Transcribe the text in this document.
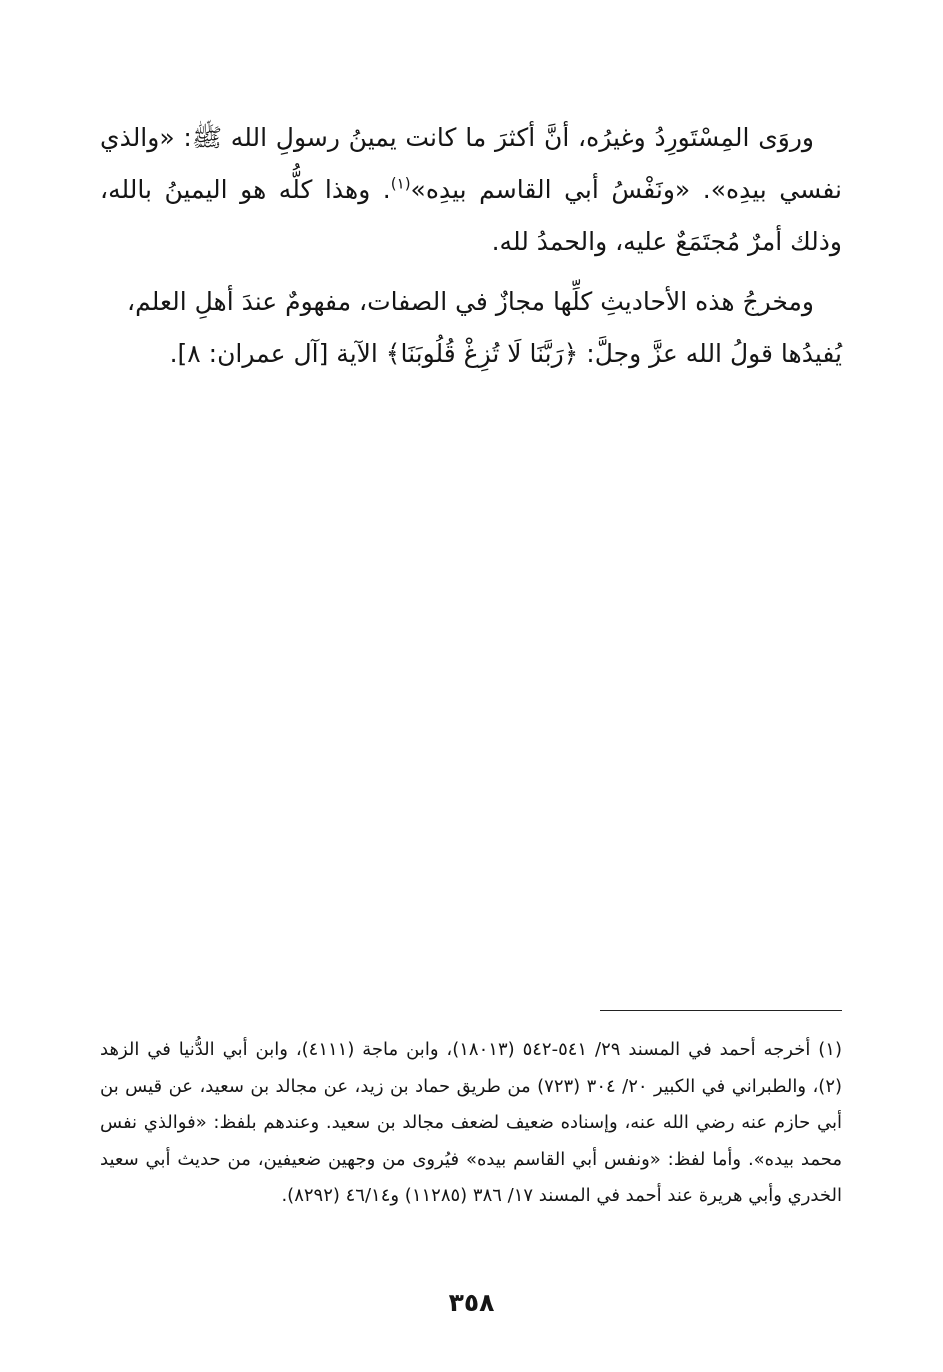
وروَى المِسْتَورِدُ وغيرُه، أنَّ أكثرَ ما كانت يمينُ رسولِ الله ﷺ: «والذي نفسي بيدِه». «ونَفْسُ أبي القاسم بيدِه»$^{(١)}$. وهذا كلُّه هو اليمينُ بالله، وذلك أمرٌ مُجتَمَعٌ عليه، والحمدُ لله.

ومخرجُ هذه الأحاديثِ كلِّها مجازٌ في الصفات، مفهومٌ عندَ أهلِ العلم، يُفيدُها قولُ الله عزَّ وجلَّ: ﴿رَبَّنَا لَا تُزِغْ قُلُوبَنَا﴾ الآية [آل عمران: ٨].

(١) أخرجه أحمد في المسند ٢٩/ ٥٤١-٥٤٢ (١٨٠١٣)، وابن ماجة (٤١١١)، وابن أبي الدُّنيا في الزهد (٢)، والطبراني في الكبير ٢٠/ ٣٠٤ (٧٢٣) من طريق حماد بن زيد، عن مجالد بن سعيد، عن قيس بن أبي حازم عنه رضي الله عنه، وإسناده ضعيف لضعف مجالد بن سعيد. وعندهم بلفظ: «فوالذي نفس محمد بيده». وأما لفظ: «ونفس أبي القاسم بيده» فيُروى من وجهين ضعيفين، من حديث أبي سعيد الخدري وأبي هريرة عند أحمد في المسند ١٧/ ٣٨٦ (١١٢٨٥) و٤٦/١٤ (٨٢٩٢).

٣٥٨
